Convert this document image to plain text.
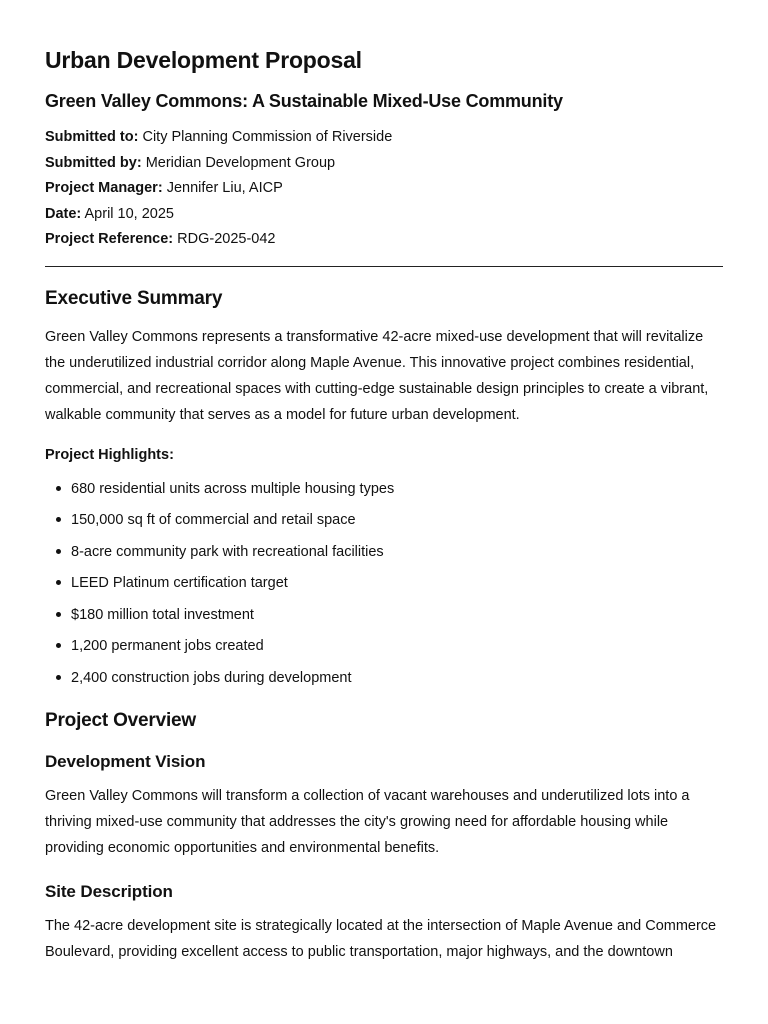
Urban Development Proposal
Green Valley Commons: A Sustainable Mixed-Use Community
Submitted to: City Planning Commission of Riverside
Submitted by: Meridian Development Group
Project Manager: Jennifer Liu, AICP
Date: April 10, 2025
Project Reference: RDG-2025-042
Executive Summary

Green Valley Commons represents a transformative 42-acre mixed-use development that will revitalize the underutilized industrial corridor along Maple Avenue. This innovative project combines residential, commercial, and recreational spaces with cutting-edge sustainable design principles to create a vibrant, walkable community that serves as a model for future urban development.

Project Highlights:
680 residential units across multiple housing types
150,000 sq ft of commercial and retail space
8-acre community park with recreational facilities
LEED Platinum certification target
$180 million total investment
1,200 permanent jobs created
2,400 construction jobs during development
Project Overview
Development Vision

Green Valley Commons will transform a collection of vacant warehouses and underutilized lots into a thriving mixed-use community that addresses the city's growing need for affordable housing while providing economic opportunities and environmental benefits.

Site Description

The 42-acre development site is strategically located at the intersection of Maple Avenue and Commerce Boulevard, providing excellent access to public transportation, major highways, and the downtown
